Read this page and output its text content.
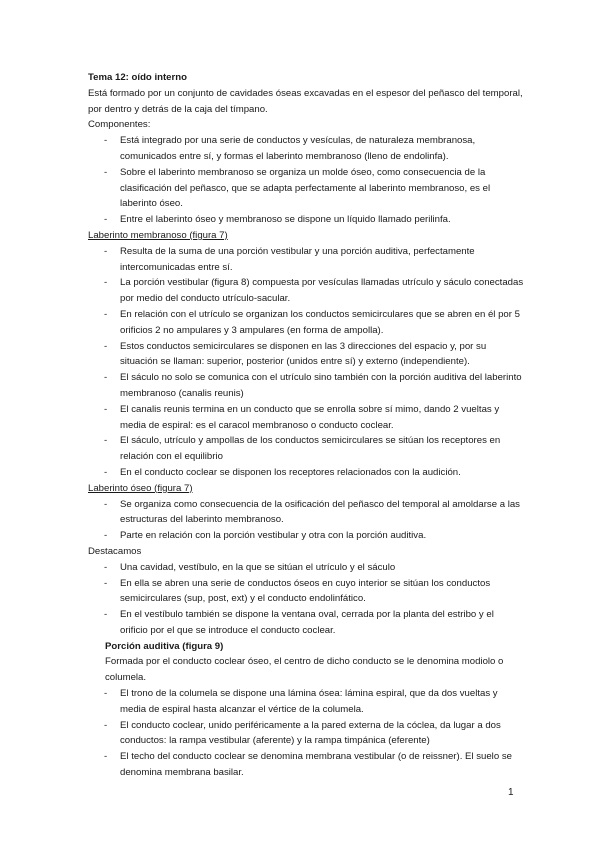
Tema 12: oído interno

Está formado por un conjunto de cavidades óseas excavadas en el espesor del peñasco del temporal, por dentro y detrás de la caja del tímpano.

Componentes:

- Está integrado por una serie de conductos y vesículas, de naturaleza membranosa, comunicados entre sí, y formas el laberinto membranoso (lleno de endolinfa).
- Sobre el laberinto membranoso se organiza un molde óseo, como consecuencia de la clasificación del peñasco, que se adapta perfectamente al laberinto membranoso, es el laberinto óseo.
- Entre el laberinto óseo y membranoso se dispone un líquido llamado perilinfa.

Laberinto membranoso (figura 7)

- Resulta de la suma de una porción vestibular y una porción auditiva, perfectamente intercomunicadas entre sí.
- La porción vestibular (figura 8) compuesta por vesículas llamadas utrículo y sáculo conectadas por medio del conducto utrículo-sacular.
- En relación con el utrículo se organizan los conductos semicirculares que se abren en él por 5 orificios 2 no ampulares y 3 ampulares (en forma de ampolla).
- Estos conductos semicirculares se disponen en las 3 direcciones del espacio y, por su situación se llaman: superior, posterior (unidos entre sí) y externo (independiente).
- El sáculo no solo se comunica con el utrículo sino también con la porción auditiva del laberinto membranoso (canalis reunis)
- El canalis reunis termina en un conducto que se enrolla sobre sí mimo, dando 2 vueltas y media de espiral: es el caracol membranoso o conducto coclear.
- El sáculo, utrículo y ampollas de los conductos semicirculares se sitúan los receptores en relación con el equilibrio
- En el conducto coclear se disponen los receptores relacionados con la audición.

Laberinto óseo (figura 7)

- Se organiza como consecuencia de la osificación del peñasco del temporal al amoldarse a las estructuras del laberinto membranoso.
- Parte en relación con la porción vestibular y otra con la porción auditiva.

Destacamos

- Una cavidad, vestíbulo, en la que se sitúan el utrículo y el sáculo
- En ella se abren una serie de conductos óseos en cuyo interior se sitúan los conductos semicirculares (sup, post, ext) y el conducto endolinfático.
- En el vestíbulo también se dispone la ventana oval, cerrada por la planta del estribo y el orificio por el que se introduce el conducto coclear.

Porción auditiva (figura 9)

Formada por el conducto coclear óseo, el centro de dicho conducto se le denomina modiolo o columela.

- El trono de la columela se dispone una lámina ósea: lámina espiral, que da dos vueltas y media de espiral hasta alcanzar el vértice de la columela.
- El conducto coclear, unido periféricamente a la pared externa de la cóclea, da lugar a dos conductos: la rampa vestibular (aferente) y la rampa timpánica (eferente)
- El techo del conducto coclear se denomina membrana vestibular (o de reissner). El suelo se denomina membrana basilar.
1
